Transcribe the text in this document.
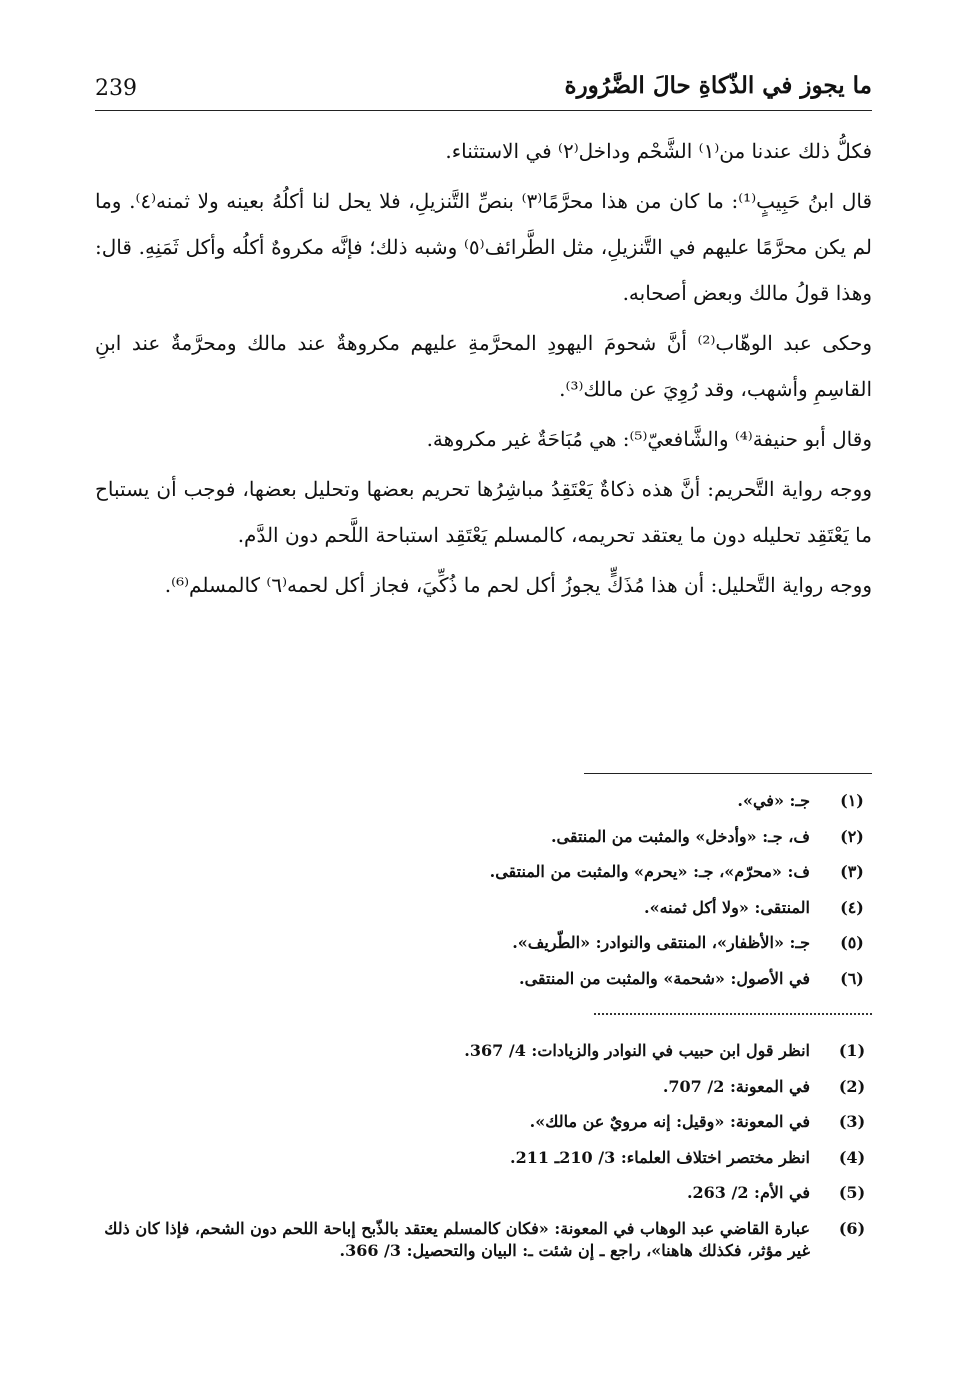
239	ما يجوز في الذّكاةِ حالَ الضَّرُورة

فكلُّ ذلك عندنا من⁽١⁾ الشَّحْم وداخل⁽٢⁾ في الاستثناء.

قال ابنُ حَبِيبٍ⁽¹⁾: ما كان من هذا محرَّمًا⁽٣⁾ بنصِّ التَّنزيلِ، فلا يحل لنا أكلُهُ بعينه ولا ثمنه⁽٤⁾. وما لم يكن محرَّمًا عليهم في التَّنزيلِ، مثل الطَّرائف⁽٥⁾ وشبه ذلك؛ فإنَّه مكروهٌ أكلُه وأكل ثَمَنِهِ. قال: وهذا قولُ مالك وبعض أصحابه.

وحكى عبد الوهّاب⁽²⁾ أنَّ شحومَ اليهودِ المحرَّمةِ عليهم مكروهةٌ عند مالك ومحرَّمةٌ عند ابنِ القاسِمِ وأشهب، وقد رُوِيَ عن مالك⁽³⁾.

وقال أبو حنيفة⁽⁴⁾ والشَّافعيّ⁽⁵⁾: هي مُبَاحَةٌ غير مكروهة.

ووجه رواية التَّحريم: أنَّ هذه ذكاةٌ يَعْتَقِدُ مباشِرُها تحريم بعضها وتحليل بعضها، فوجب أن يستباح ما يَعْتَقِد تحليله دون ما يعتقد تحريمه، كالمسلم يَعْتَقِد استباحة اللَّحم دون الدَّم.

ووجه رواية التَّحليل: أن هذا مُذَكٍّ يجوزُ أكل لحم ما ذُكِّيَ، فجاز أكل لحمه⁽٦⁾ كالمسلم⁽⁶⁾.

(١)
جـ: «في».
(٢)
ف، جـ: «وأدخل» والمثبت من المنتقى.
(٣)
ف: «محرّم»، جـ: «يحرم» والمثبت من المنتقى.
(٤)
المنتقى: «ولا أكل ثمنه».
(٥)
جـ: «الأظفار»، المنتقى والنوادر: «الطّريف».
(٦)
في الأصول: «شحمة» والمثبت من المنتقى.
(1)
انظر قول ابن حبيب في النوادر والزيادات: 4/ 367.
(2)
في المعونة: 2/ 707.
(3)
في المعونة: «وقيل: إنه مرويٌ عن مالك».
(4)
انظر مختصر اختلاف العلماء: 3/ 210ـ 211.
(5)
في الأم: 2/ 263.
(6)
عبارة القاضي عبد الوهاب في المعونة: «فكان كالمسلم يعتقد بالذّبح إباحة اللحم دون الشحم، فإذا كان ذلك غير مؤثر، فكذلك هاهنا»، راجع ـ إن شئت ـ: البيان والتحصيل: 3/ 366.
